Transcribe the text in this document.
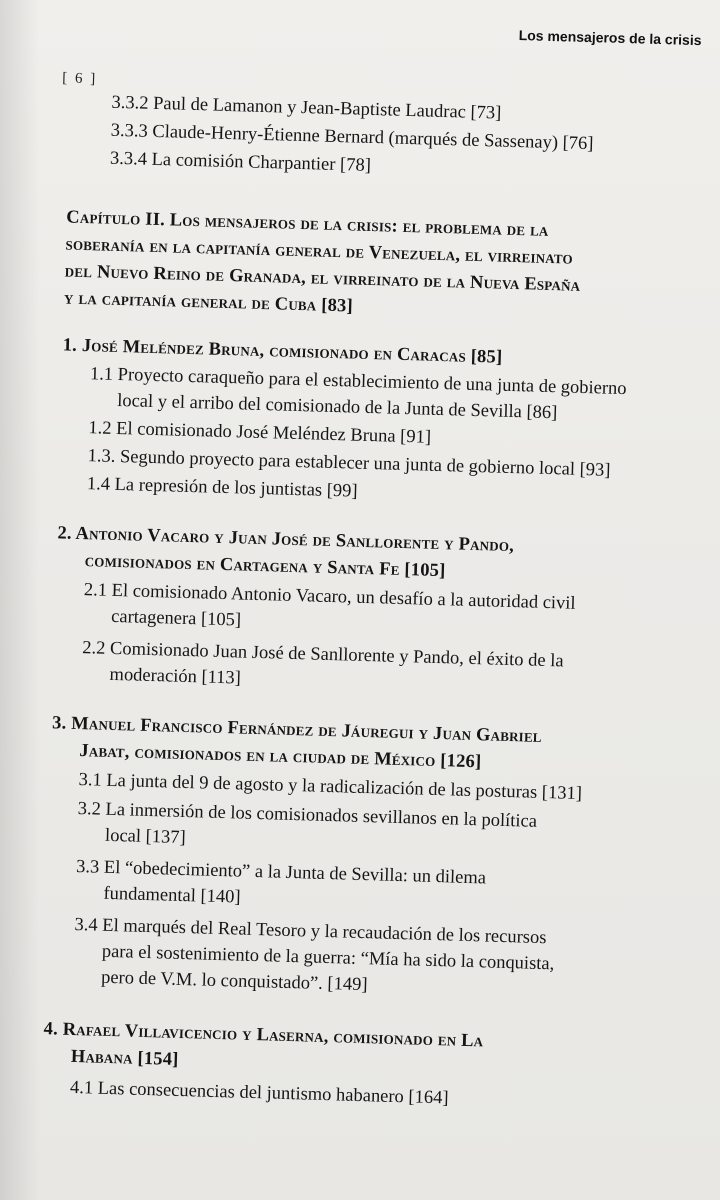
Los mensajeros de la crisis
[ 6 ]
3.3.2 Paul de Lamanon y Jean-Baptiste Laudrac [73]
3.3.3 Claude-Henry-Étienne Bernard (marqués de Sassenay) [76]
3.3.4 La comisión Charpantier [78]
Capítulo II. Los mensajeros de la crisis: el problema de la
soberanía en la capitanía general de Venezuela, el virreinato
del Nuevo Reino de Granada, el virreinato de la Nueva España
y la capitanía general de Cuba [83]
1. José Meléndez Bruna, comisionado en Caracas [85]
1.1 Proyecto caraqueño para el establecimiento de una junta de gobierno
local y el arribo del comisionado de la Junta de Sevilla [86]
1.2 El comisionado José Meléndez Bruna [91]
1.3. Segundo proyecto para establecer una junta de gobierno local [93]
1.4 La represión de los juntistas [99]
2. Antonio Vacaro y Juan José de Sanllorente y Pando,
comisionados en Cartagena y Santa Fe [105]
2.1 El comisionado Antonio Vacaro, un desafío a la autoridad civil
cartagenera [105]
2.2 Comisionado Juan José de Sanllorente y Pando, el éxito de la
moderación [113]
3. Manuel Francisco Fernández de Jáuregui y Juan Gabriel
Jabat, comisionados en la ciudad de México [126]
3.1 La junta del 9 de agosto y la radicalización de las posturas [131]
3.2 La inmersión de los comisionados sevillanos en la política
local [137]
3.3 El “obedecimiento” a la Junta de Sevilla: un dilema
fundamental [140]
3.4 El marqués del Real Tesoro y la recaudación de los recursos
para el sostenimiento de la guerra: “Mía ha sido la conquista,
pero de V.M. lo conquistado”. [149]
4. Rafael Villavicencio y Laserna, comisionado en La
Habana [154]
4.1 Las consecuencias del juntismo habanero [164]
